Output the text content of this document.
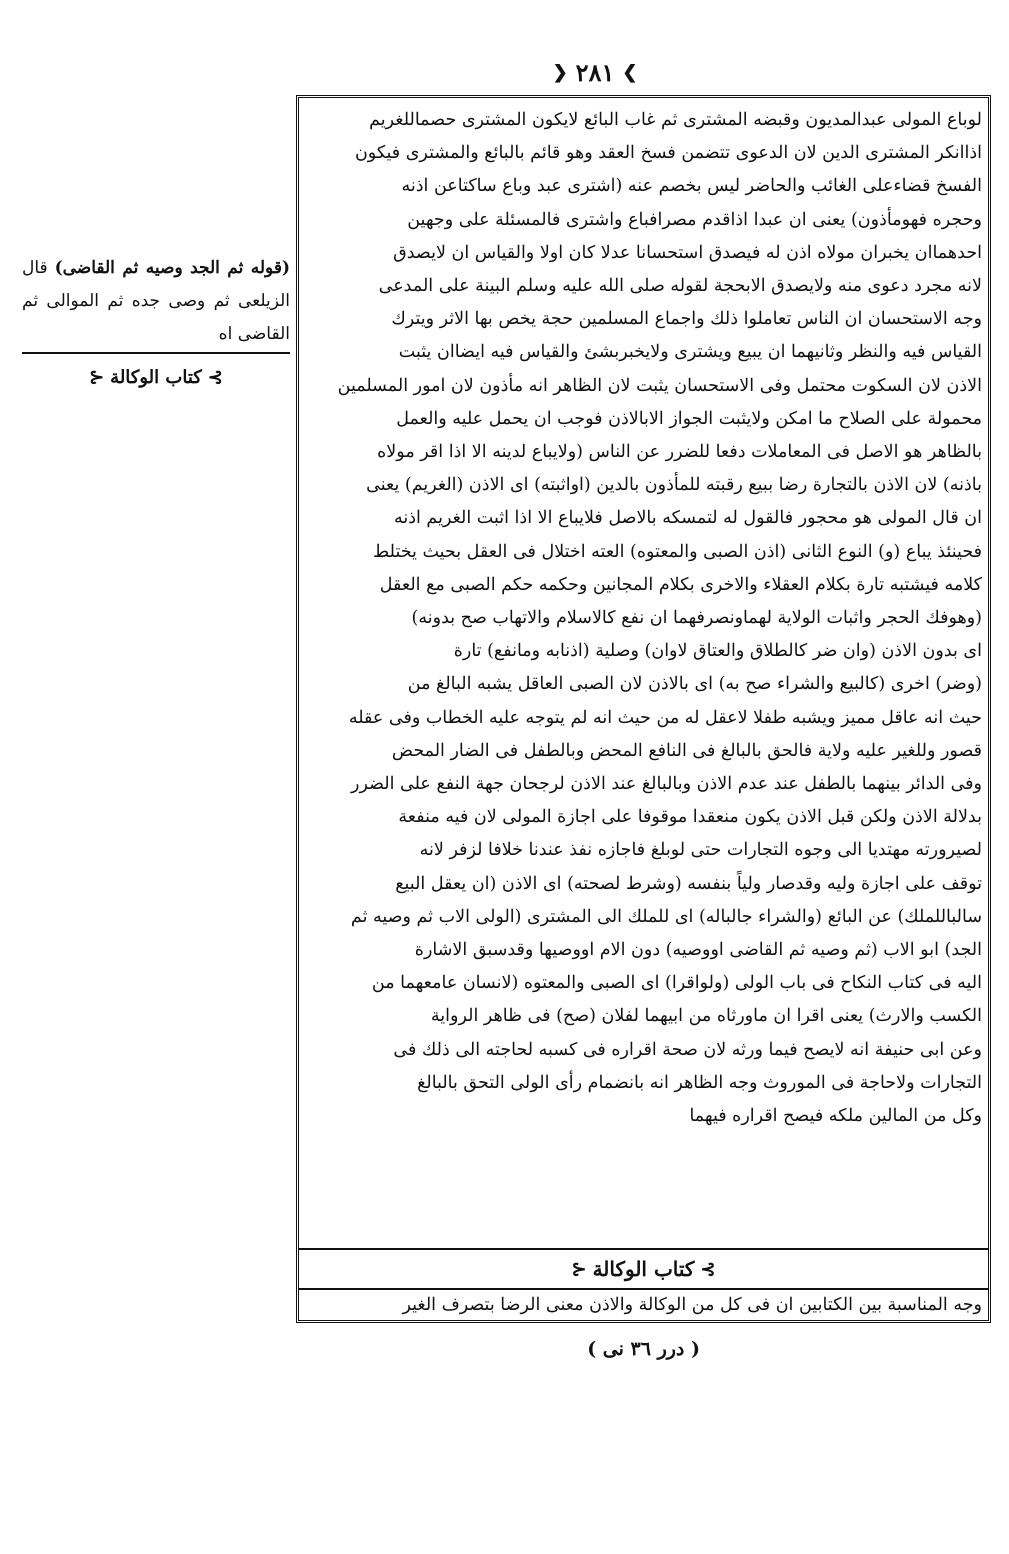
❯
٢٨١
❮
(قوله ثم الجد وصيه ثم القاضى) قال الزيلعى ثم وصى جده ثم الموالى ثم القاضى اه
⊱
كتاب الوكالة
⊰

لوباع المولى عبدالمديون وقبضه المشترى ثم غاب البائع لايكون المشترى حصماللغريم

اذاانكر المشترى الدين لان الدعوى تتضمن فسخ العقد وهو قائم بالبائع والمشترى فيكون

الفسخ قضاءعلى الغائب والحاضر ليس بخصم عنه (اشترى عبد وباع ساكتاعن اذنه

وحجره فهومأذون) يعنى ان عبدا اذاقدم مصرافباع واشترى فالمسئلة على وجهين

احدهماان يخبران مولاه اذن له فيصدق استحسانا عدلا كان اولا والقياس ان لايصدق

لانه مجرد دعوى منه ولايصدق الابحجة لقوله صلى الله عليه وسلم البينة على المدعى

وجه الاستحسان ان الناس تعاملوا ذلك واجماع المسلمين حجة يخص بها الاثر ويترك

القياس فيه والنظر وثانيهما ان يبيع ويشترى ولايخبربشئ والقياس فيه ايضاان يثبت

الاذن لان السكوت محتمل وفى الاستحسان يثبت لان الظاهر انه مأذون لان امور المسلمين

محمولة على الصلاح ما امكن ولايثبت الجواز الابالاذن فوجب ان يحمل عليه والعمل

بالظاهر هو الاصل فى المعاملات دفعا للضرر عن الناس (ولايباع لدينه الا اذا اقر مولاه

باذنه) لان الاذن بالتجارة رضا ببيع رقبته للمأذون بالدين (اواثبته) اى الاذن (الغريم) يعنى

ان قال المولى هو محجور فالقول له لتمسكه بالاصل فلايباع الا اذا اثبت الغريم اذنه

فحينئذ يباع (و) النوع الثانى (اذن الصبى والمعتوه) العته اختلال فى العقل بحيث يختلط

كلامه فيشتبه تارة بكلام العقلاء والاخرى بكلام المجانين وحكمه حكم الصبى مع العقل

(وهوفك الحجر واثبات الولاية لهماونصرفهما ان نفع كالاسلام والاتهاب صح بدونه)

اى بدون الاذن (وان ضر كالطلاق والعتاق لاوان) وصلية (اذنابه ومانفع) تارة

(وضر) اخرى (كالبيع والشراء صح به) اى بالاذن لان الصبى العاقل يشبه البالغ من

حيث انه عاقل مميز ويشبه طفلا لاعقل له من حيث انه لم يتوجه عليه الخطاب وفى عقله

قصور وللغير عليه ولاية فالحق بالبالغ فى النافع المحض وبالطفل فى الضار المحض

وفى الدائر بينهما بالطفل عند عدم الاذن وبالبالغ عند الاذن لرجحان جهة النفع على الضرر

بدلالة الاذن ولكن قبل الاذن يكون منعقدا موقوفا على اجازة المولى لان فيه منفعة

لصيرورته مهتديا الى وجوه التجارات حتى لوبلغ فاجازه نفذ عندنا خلافا لزفر لانه

توقف على اجازة وليه وقدصار ولياً بنفسه (وشرط لصحته) اى الاذن (ان يعقل البيع

سالباللملك) عن البائع (والشراء جالباله) اى للملك الى المشترى (الولى الاب ثم وصيه ثم

الجد) ابو الاب (ثم وصيه ثم القاضى اووصيه) دون الام اووصيها وقدسبق الاشارة

اليه فى كتاب النكاح فى باب الولى (ولواقرا) اى الصبى والمعتوه (لانسان عامعهما من

الكسب والارث) يعنى اقرا ان ماورثاه من ابيهما لفلان (صح) فى ظاهر الرواية

وعن ابى حنيفة انه لايصح فيما ورثه لان صحة اقراره فى كسبه لحاجته الى ذلك فى

التجارات ولاحاجة فى الموروث وجه الظاهر انه بانضمام رأى الولى التحق بالبالغ

وكل من المالين ملكه فيصح اقراره فيهما

⊱
كتاب الوكالة
⊰
وجه المناسبة بين الكتابين ان فى كل من الوكالة والاذن معنى الرضا بتصرف الغير
( درر ٣٦ نى )
